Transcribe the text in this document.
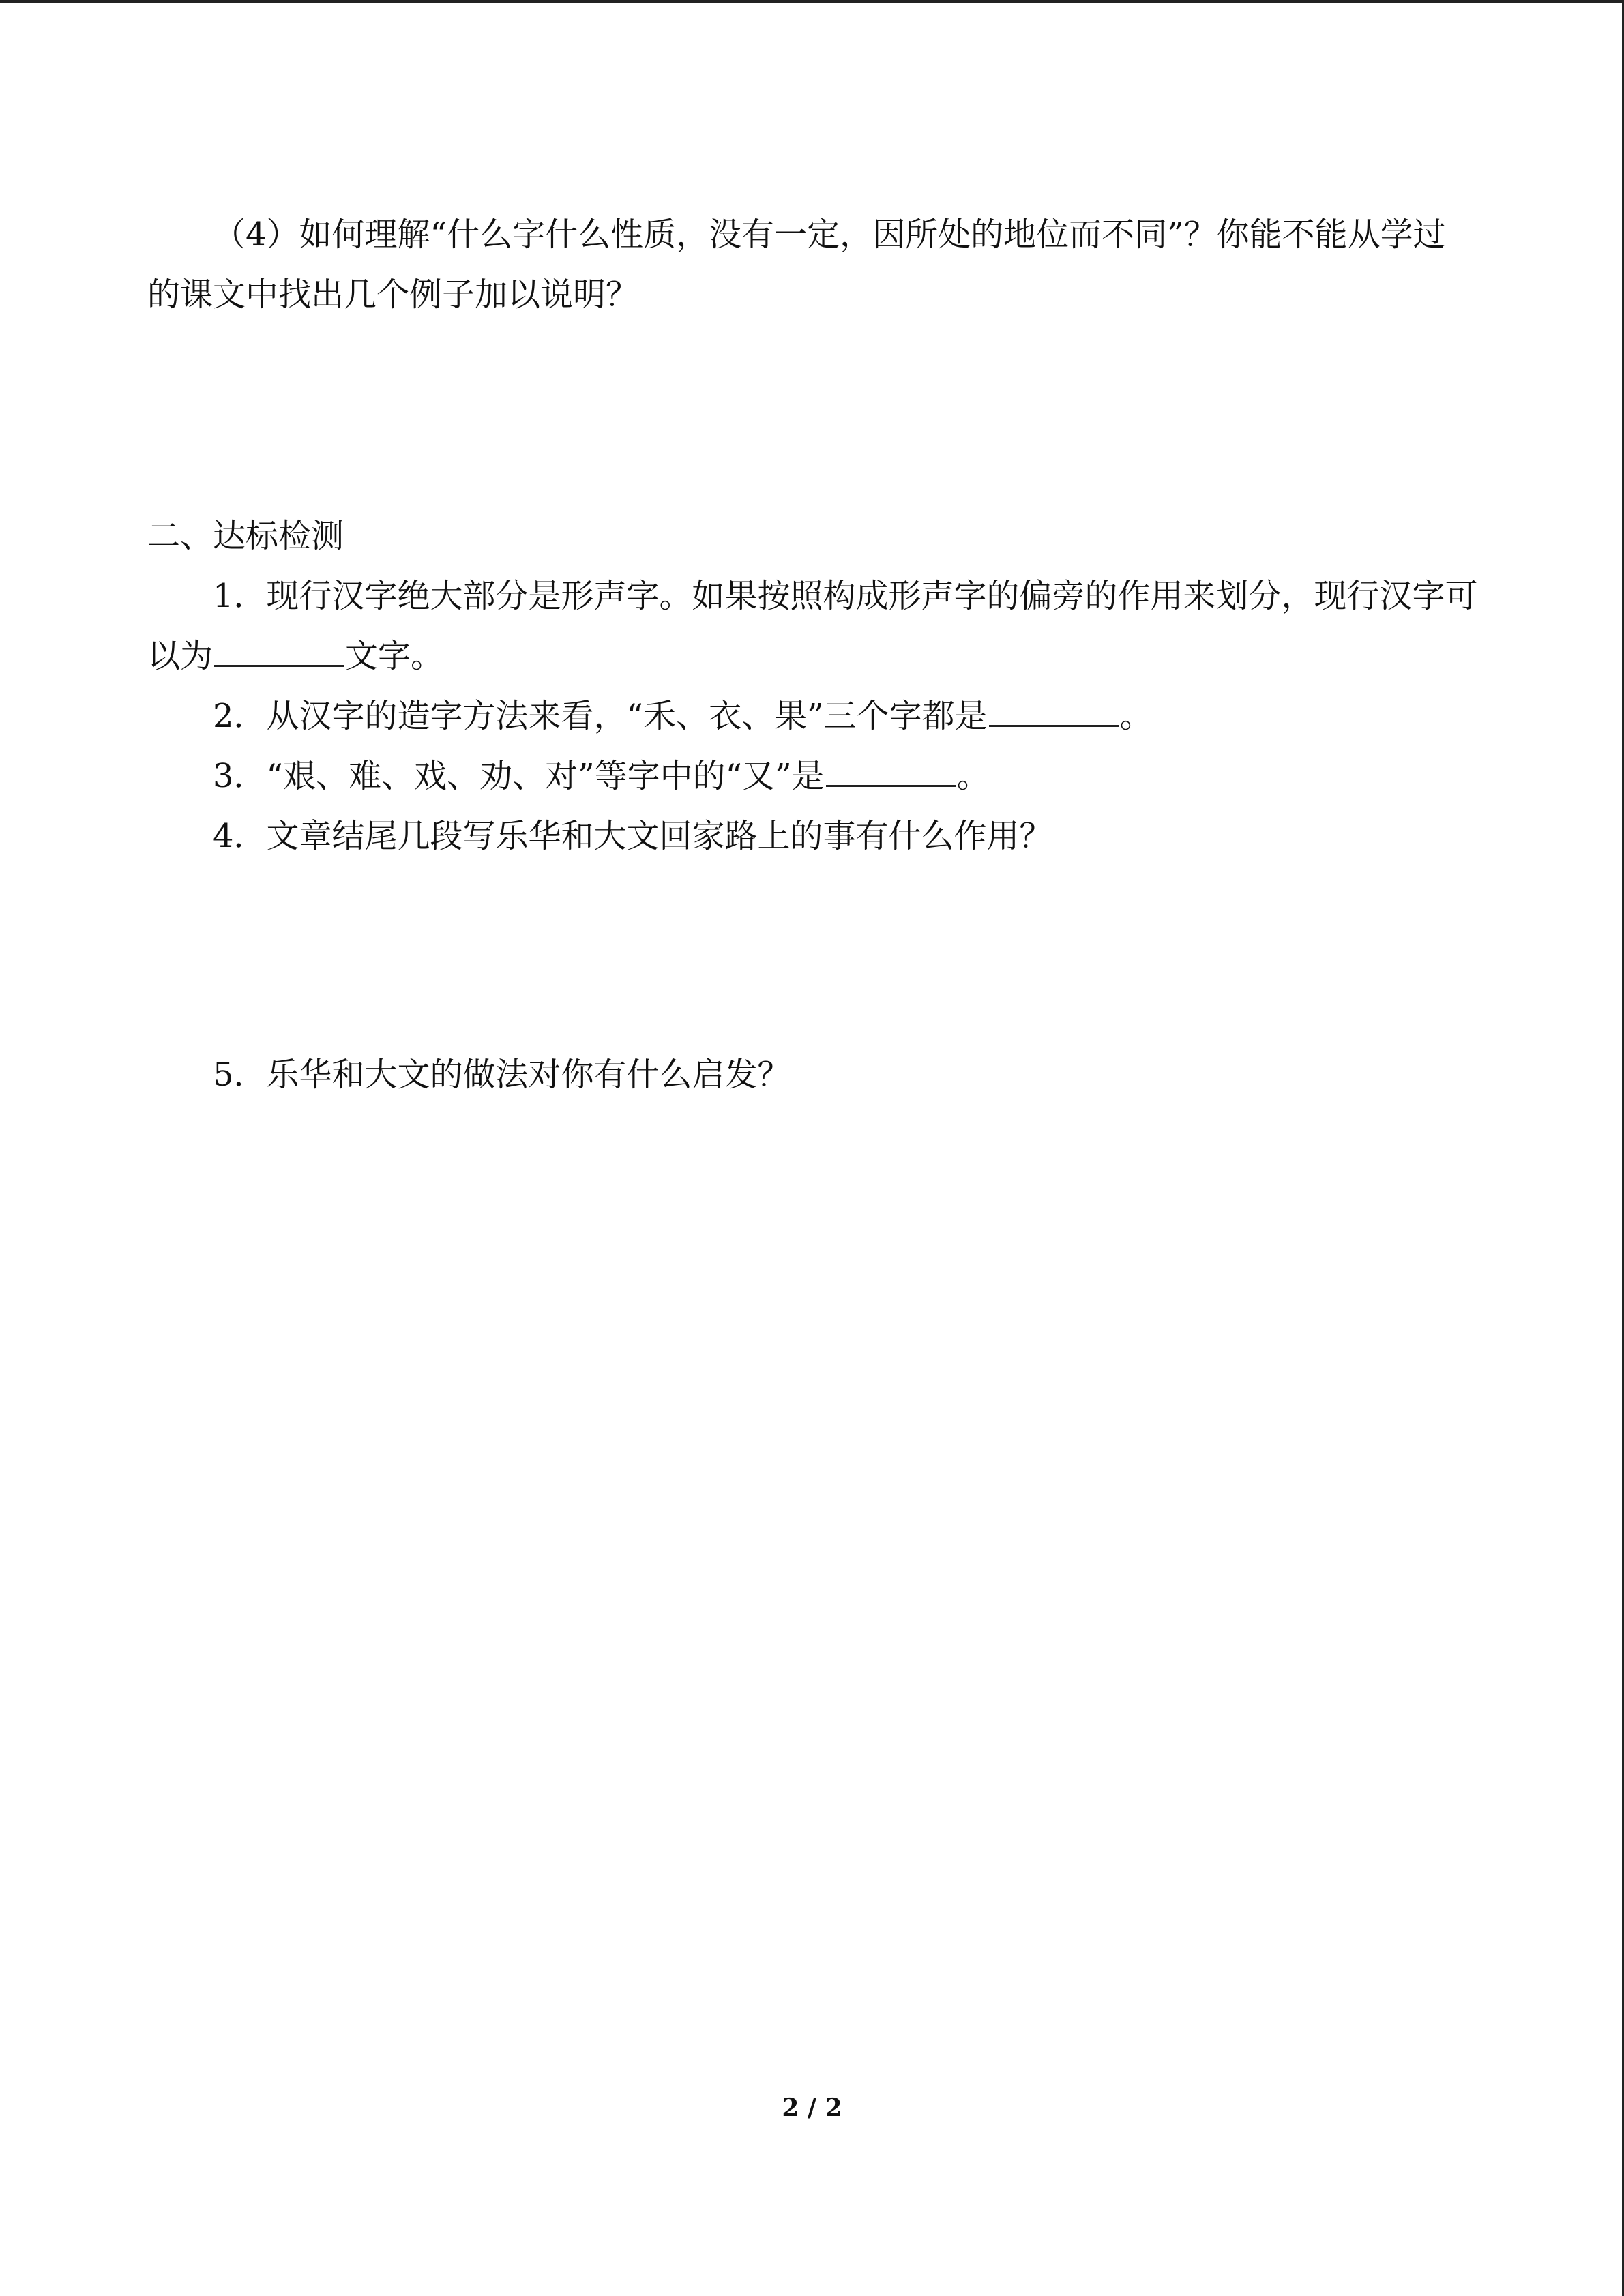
（4）如何理解“什么字什么性质，没有一定，因所处的地位而不同”？你能不能从学过
的课文中找出几个例子加以说明？
二、达标检测
1．现行汉字绝大部分是形声字。如果按照构成形声字的偏旁的作用来划分，现行汉字可
以为	文字。
2．从汉字的造字方法来看，“禾、衣、果”三个字都是	。
3．“艰、难、戏、劝、对”等字中的“又”是	。
4．文章结尾几段写乐华和大文回家路上的事有什么作用？
5．乐华和大文的做法对你有什么启发？
2 / 2
